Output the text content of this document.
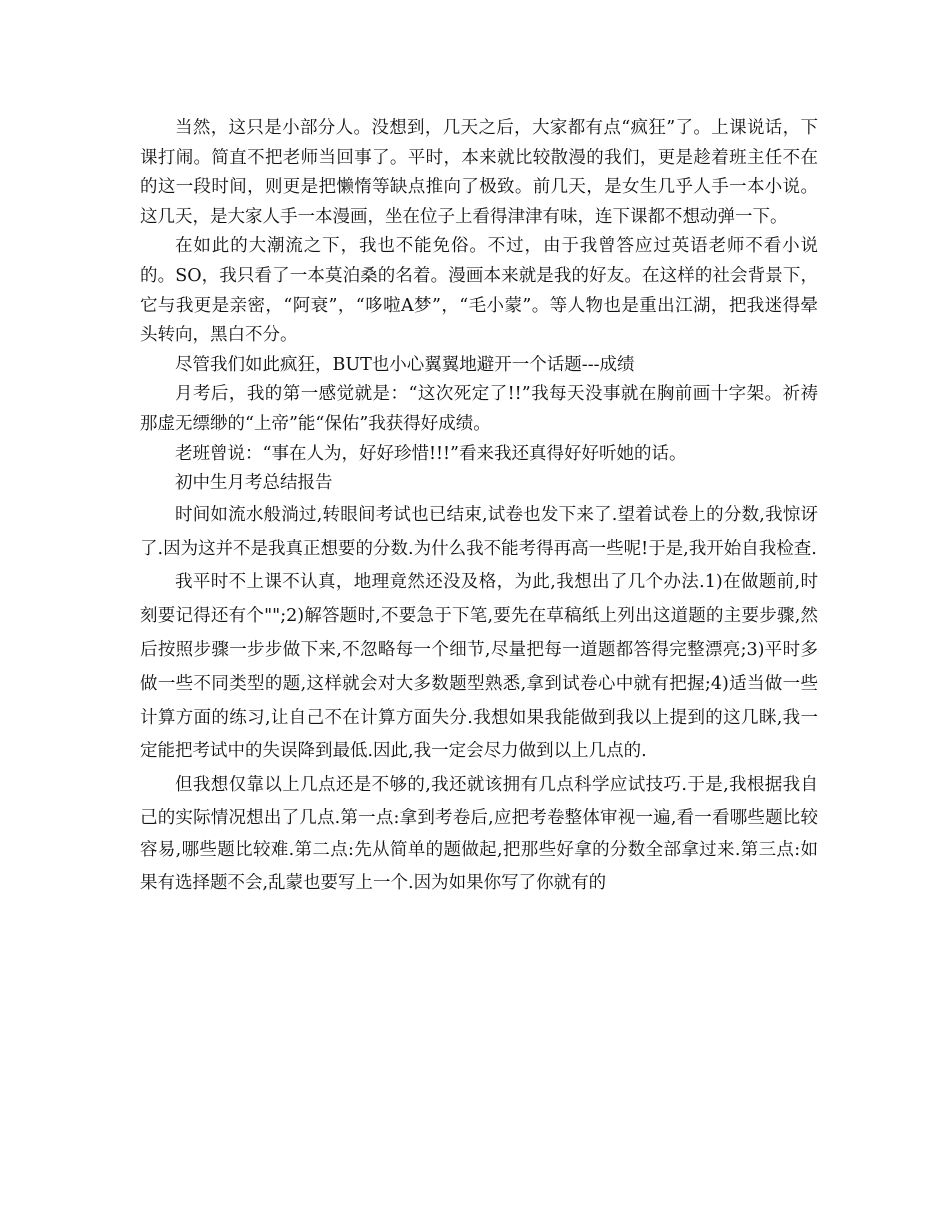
当然，这只是小部分人。没想到，几天之后，大家都有点“疯狂”了。上课说话，下课打闹。简直不把老师当回事了。平时，本来就比较散漫的我们，更是趁着班主任不在的这一段时间，则更是把懒惰等缺点推向了极致。前几天，是女生几乎人手一本小说。这几天，是大家人手一本漫画，坐在位子上看得津津有味，连下课都不想动弹一下。

在如此的大潮流之下，我也不能免俗。不过，由于我曾答应过英语老师不看小说的。SO，我只看了一本莫泊桑的名着。漫画本来就是我的好友。在这样的社会背景下，它与我更是亲密，“阿衰”，“哆啦A梦”，“毛小蒙”。等人物也是重出江湖，把我迷得晕头转向，黑白不分。

尽管我们如此疯狂，BUT也小心翼翼地避开一个话题---成绩

月考后，我的第一感觉就是：“这次死定了!!”我每天没事就在胸前画十字架。祈祷那虚无缥缈的“上帝”能“保佑”我获得好成绩。

老班曾说：“事在人为，好好珍惜!!!”看来我还真得好好听她的话。

初中生月考总结报告

时间如流水般淌过,转眼间考试也已结束,试卷也发下来了.望着试卷上的分数,我惊讶了.因为这并不是我真正想要的分数.为什么我不能考得再高一些呢!于是,我开始自我检查.

我平时不上课不认真，地理竟然还没及格，为此,我想出了几个办法.1)在做题前,时刻要记得还有个"";2)解答题时,不要急于下笔,要先在草稿纸上列出这道题的主要步骤,然后按照步骤一步步做下来,不忽略每一个细节,尽量把每一道题都答得完整漂亮;3)平时多做一些不同类型的题,这样就会对大多数题型熟悉,拿到试卷心中就有把握;4)适当做一些计算方面的练习,让自己不在计算方面失分.我想如果我能做到我以上提到的这几眯,我一定能把考试中的失误降到最低.因此,我一定会尽力做到以上几点的.

但我想仅靠以上几点还是不够的,我还就该拥有几点科学应试技巧.于是,我根据我自己的实际情况想出了几点.第一点:拿到考卷后,应把考卷整体审视一遍,看一看哪些题比较容易,哪些题比较难.第二点:先从简单的题做起,把那些好拿的分数全部拿过来.第三点:如果有选择题不会,乱蒙也要写上一个.因为如果你写了你就有的
